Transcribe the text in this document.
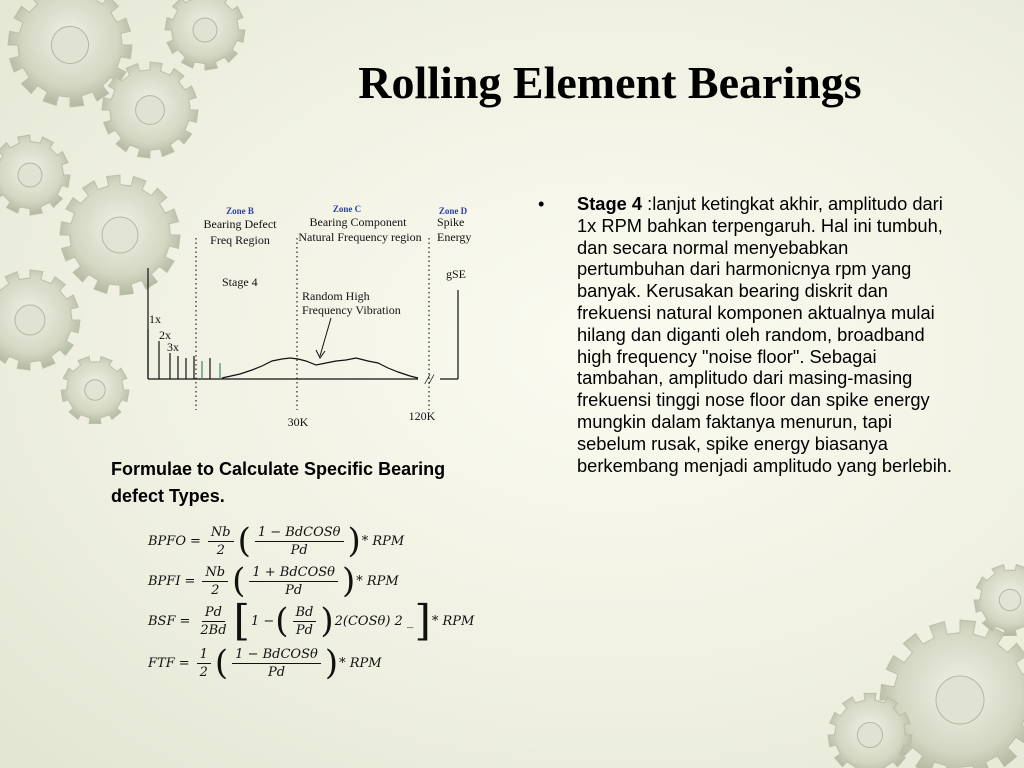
Rolling Element Bearings
Zone B
Bearing Defect
Freq Region
Zone C
Bearing Component
Natural Frequency region
Zone D
Spike
Energy
Stage 4
Random High
Frequency Vibration
gSE
1x
2x
3x
//
30K	120K
Formulae to Calculate Specific Bearing defect Types.
BPFO = $\frac{Nb}{2}$ ( $\frac{\text{1 − BdCOSθ}}{Pd}$ ) * RPM
BPFI = $\frac{Nb}{2}$ ( $\frac{\text{1 + BdCOSθ}}{Pd}$ ) * RPM
BSF = $\frac{Pd}{2Bd}$ [ 1 − ( $\frac{Bd}{Pd}$ ) 2(COSθ) 2 _ ] * RPM
FTF = $\frac{1}{2}$ ( $\frac{\text{1 − BdCOSθ}}{Pd}$ ) * RPM
• Stage 4 :lanjut ketingkat akhir, amplitudo dari 1x RPM bahkan terpengaruh. Hal ini tumbuh, dan secara normal menyebabkan pertumbuhan dari harmonicnya rpm yang banyak. Kerusakan bearing diskrit dan frekuensi natural komponen aktualnya mulai hilang dan diganti oleh random, broadband high frequency "noise floor". Sebagai tambahan, amplitudo dari masing-masing frekuensi tinggi nose floor dan spike energy mungkin dalam faktanya menurun, tapi sebelum rusak, spike energy biasanya berkembang menjadi amplitudo yang berlebih.
